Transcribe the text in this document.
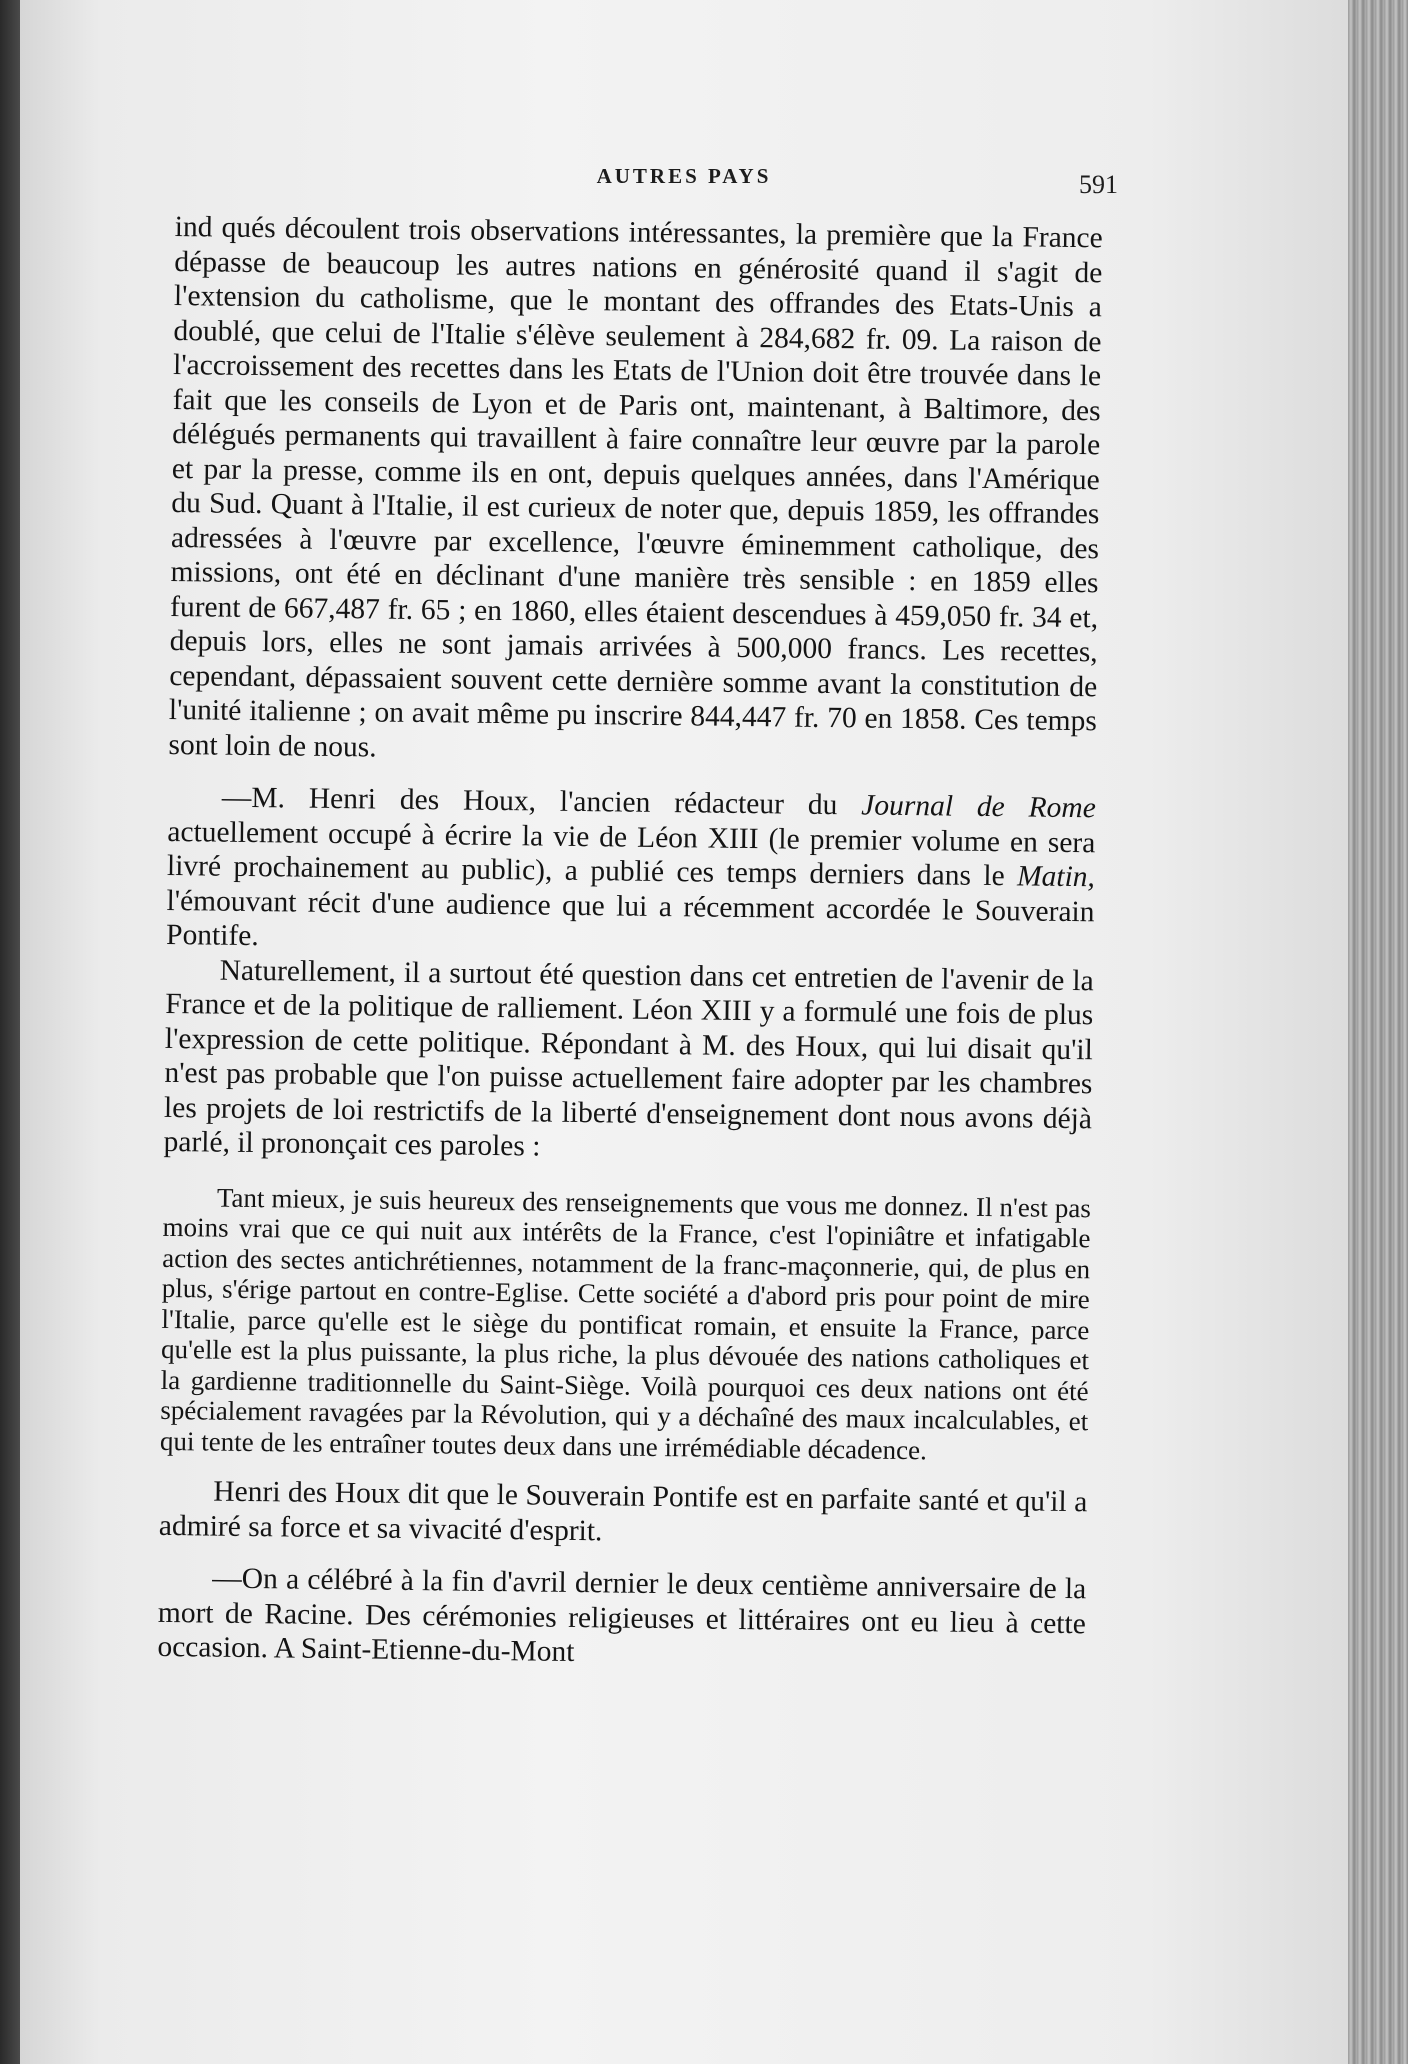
AUTRES PAYS	591

ind qués découlent trois observations intéressantes, la première que la France dépasse de beaucoup les autres nations en générosité quand il s'agit de l'extension du catholisme, que le montant des offrandes des Etats-Unis a doublé, que celui de l'Italie s'élève seulement à 284,682 fr. 09. La raison de l'accroissement des recettes dans les Etats de l'Union doit être trouvée dans le fait que les conseils de Lyon et de Paris ont, maintenant, à Baltimore, des délégués permanents qui travaillent à faire connaître leur œuvre par la parole et par la presse, comme ils en ont, depuis quelques années, dans l'Amérique du Sud. Quant à l'Italie, il est curieux de noter que, depuis 1859, les offrandes adressées à l'œuvre par excellence, l'œuvre éminemment catholique, des missions, ont été en déclinant d'une manière très sensible : en 1859 elles furent de 667,487 fr. 65 ; en 1860, elles étaient descendues à 459,050 fr. 34 et, depuis lors, elles ne sont jamais arrivées à 500,000 francs. Les recettes, cependant, dépassaient souvent cette dernière somme avant la constitution de l'unité italienne ; on avait même pu inscrire 844,447 fr. 70 en 1858. Ces temps sont loin de nous.

—M. Henri des Houx, l'ancien rédacteur du Journal de Rome actuellement occupé à écrire la vie de Léon XIII (le premier volume en sera livré prochainement au public), a publié ces temps derniers dans le Matin, l'émouvant récit d'une audience que lui a récemment accordée le Souverain Pontife.

Naturellement, il a surtout été question dans cet entretien de l'avenir de la France et de la politique de ralliement. Léon XIII y a formulé une fois de plus l'expression de cette politique. Répondant à M. des Houx, qui lui disait qu'il n'est pas probable que l'on puisse actuellement faire adopter par les chambres les projets de loi restrictifs de la liberté d'enseignement dont nous avons déjà parlé, il prononçait ces paroles :

Tant mieux, je suis heureux des renseignements que vous me donnez. Il n'est pas moins vrai que ce qui nuit aux intérêts de la France, c'est l'opiniâtre et infatigable action des sectes antichrétiennes, notamment de la franc-maçonnerie, qui, de plus en plus, s'érige partout en contre-Eglise. Cette société a d'abord pris pour point de mire l'Italie, parce qu'elle est le siège du pontificat romain, et ensuite la France, parce qu'elle est la plus puissante, la plus riche, la plus dévouée des nations catholiques et la gardienne traditionnelle du Saint-Siège. Voilà pourquoi ces deux nations ont été spécialement ravagées par la Révolution, qui y a déchaîné des maux incalculables, et qui tente de les entraîner toutes deux dans une irrémédiable décadence.

Henri des Houx dit que le Souverain Pontife est en parfaite santé et qu'il a admiré sa force et sa vivacité d'esprit.

—On a célébré à la fin d'avril dernier le deux centième anniversaire de la mort de Racine. Des cérémonies religieuses et littéraires ont eu lieu à cette occasion. A Saint-Etienne-du-Mont
